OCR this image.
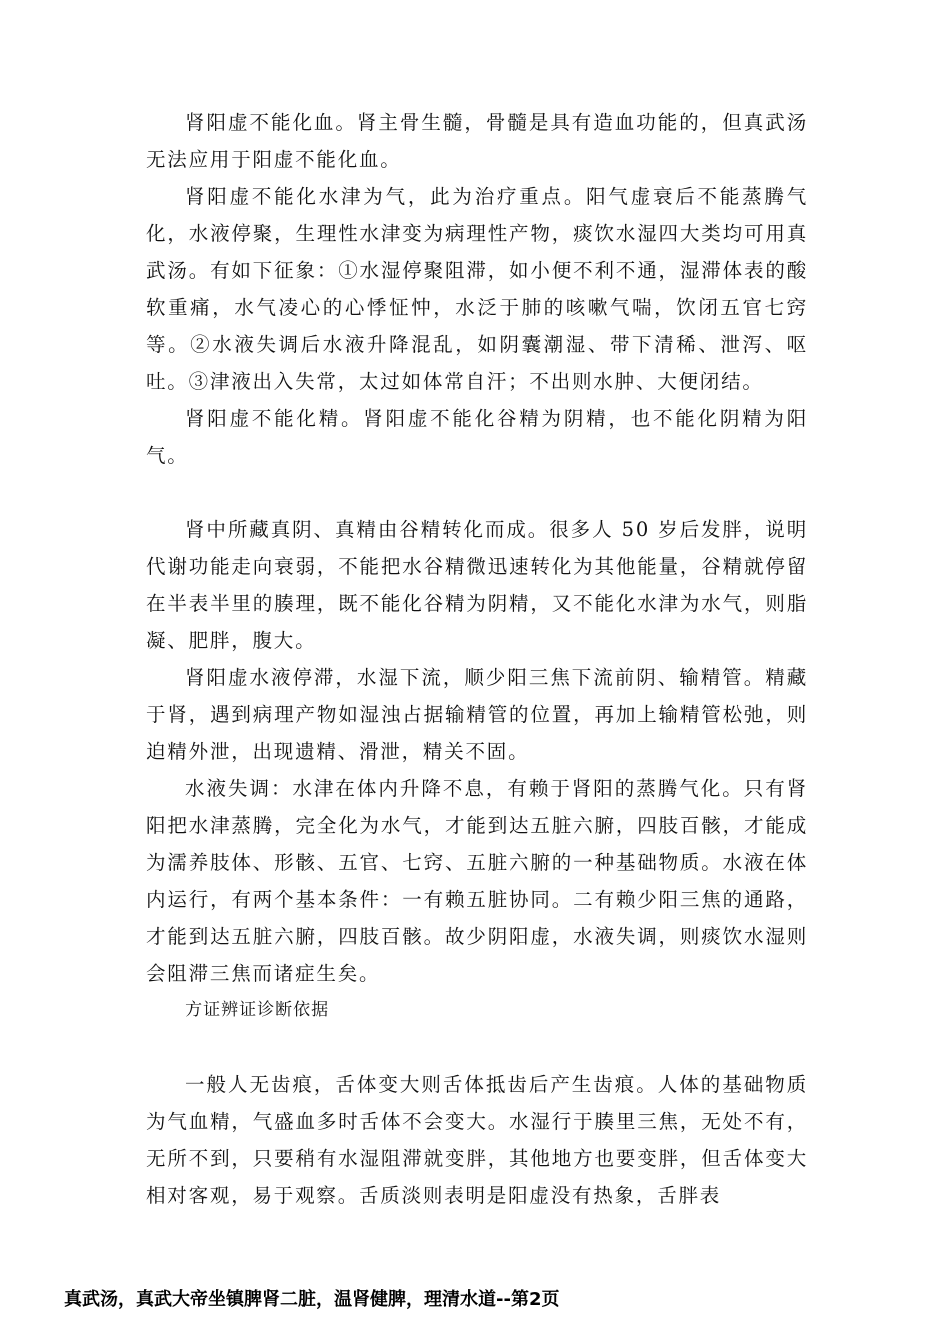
肾阳虚不能化血。肾主骨生髓，骨髓是具有造血功能的，但真武汤无法应用于阳虚不能化血。

肾阳虚不能化水津为气，此为治疗重点。阳气虚衰后不能蒸腾气化，水液停聚，生理性水津变为病理性产物，痰饮水湿四大类均可用真武汤。有如下征象：①水湿停聚阻滞，如小便不利不通，湿滞体表的酸软重痛，水气凌心的心悸怔忡，水泛于肺的咳嗽气喘，饮闭五官七窍等。②水液失调后水液升降混乱，如阴囊潮湿、带下清稀、泄泻、呕吐。③津液出入失常，太过如体常自汗；不出则水肿、大便闭结。

肾阳虚不能化精。肾阳虚不能化谷精为阴精，也不能化阴精为阳气。

肾中所藏真阴、真精由谷精转化而成。很多人 50 岁后发胖，说明代谢功能走向衰弱，不能把水谷精微迅速转化为其他能量，谷精就停留在半表半里的腠理，既不能化谷精为阴精，又不能化水津为水气，则脂凝、肥胖，腹大。

肾阳虚水液停滞，水湿下流，顺少阳三焦下流前阴、输精管。精藏于肾，遇到病理产物如湿浊占据输精管的位置，再加上输精管松弛，则迫精外泄，出现遗精、滑泄，精关不固。

水液失调：水津在体内升降不息，有赖于肾阳的蒸腾气化。只有肾阳把水津蒸腾，完全化为水气，才能到达五脏六腑，四肢百骸，才能成为濡养肢体、形骸、五官、七窍、五脏六腑的一种基础物质。水液在体内运行，有两个基本条件：一有赖五脏协同。二有赖少阳三焦的通路，才能到达五脏六腑，四肢百骸。故少阴阳虚，水液失调，则痰饮水湿则会阻滞三焦而诸症生矣。

方证辨证诊断依据

一般人无齿痕，舌体变大则舌体抵齿后产生齿痕。人体的基础物质为气血精，气盛血多时舌体不会变大。水湿行于腠里三焦，无处不有，无所不到，只要稍有水湿阻滞就变胖，其他地方也要变胖，但舌体变大相对客观，易于观察。舌质淡则表明是阳虚没有热象，舌胖表

真武汤，真武大帝坐镇脾肾二脏，温肾健脾，理清水道--第2页
